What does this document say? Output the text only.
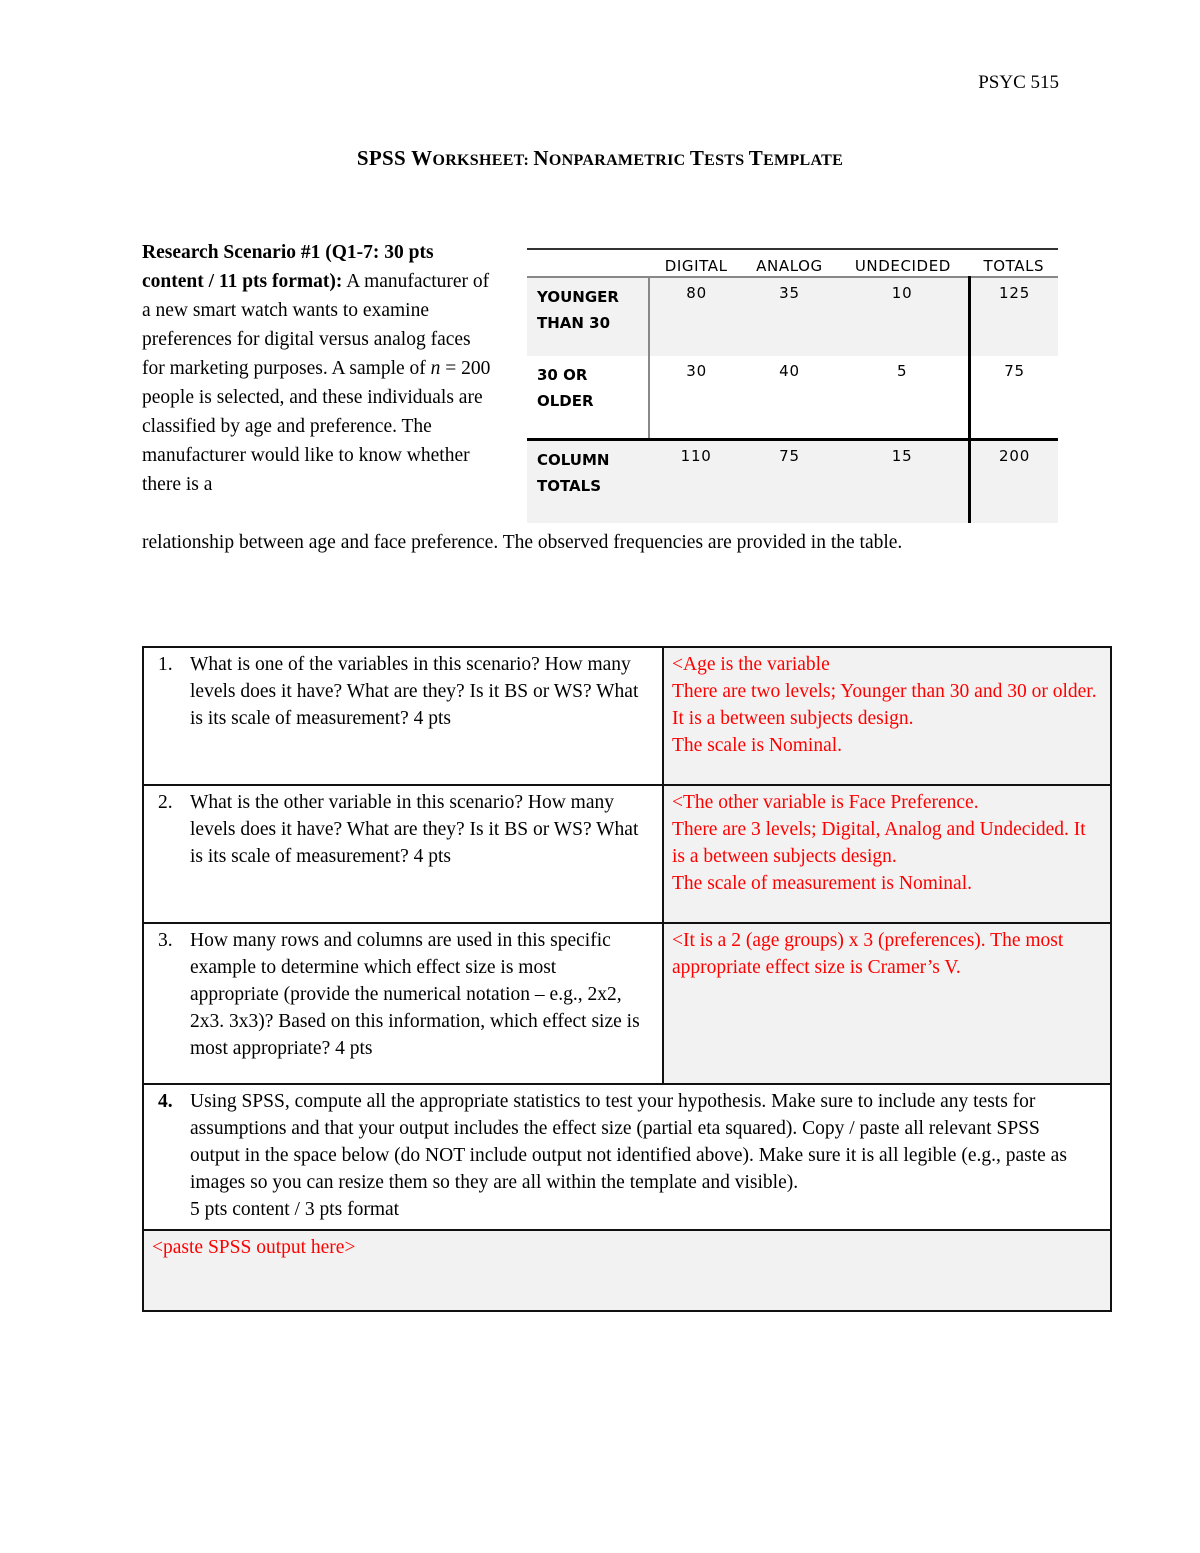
PSYC 515
SPSS WORKSHEET: NONPARAMETRIC TESTS TEMPLATE
Research Scenario #1 (Q1-7: 30 pts content / 11 pts format): A manufacturer of a new smart watch wants to examine preferences for digital versus analog faces for marketing purposes. A sample of n = 200 people is selected, and these individuals are classified by age and preference. The manufacturer would like to know whether there is a
relationship between age and face preference. The observed frequencies are provided in the table.
	DIGITAL	ANALOG	UNDECIDED	TOTALS
YOUNGER
THAN 30	80	35	10	125
30 OR
OLDER	30	40	5	75
COLUMN
TOTALS	110	75	15	200
1. What is one of the variables in this scenario? How many levels does it have? What are they? Is it BS or WS? What is its scale of measurement? 4 pts	<Age is the variable
There are two levels; Younger than 30 and 30 or older. It is a between subjects design.
The scale is Nominal.

2. What is the other variable in this scenario? How many levels does it have? What are they? Is it BS or WS? What is its scale of measurement? 4 pts	<The other variable is Face Preference.
There are 3 levels; Digital, Analog and Undecided. It is a between subjects design.
The scale of measurement is Nominal.

3. How many rows and columns are used in this specific example to determine which effect size is most appropriate (provide the numerical notation – e.g., 2x2, 2x3. 3x3)? Based on this information, which effect size is most appropriate? 4 pts	<It is a 2 (age groups) x 3 (preferences). The most appropriate effect size is Cramer’s V.

4. Using SPSS, compute all the appropriate statistics to test your hypothesis. Make sure to include any tests for assumptions and that your output includes the effect size (partial eta squared). Copy / paste all relevant SPSS output in the space below (do NOT include output not identified above). Make sure it is all legible (e.g., paste as images so you can resize them so they are all within the template and visible).
5 pts content / 3 pts format	
<paste SPSS output here>	
